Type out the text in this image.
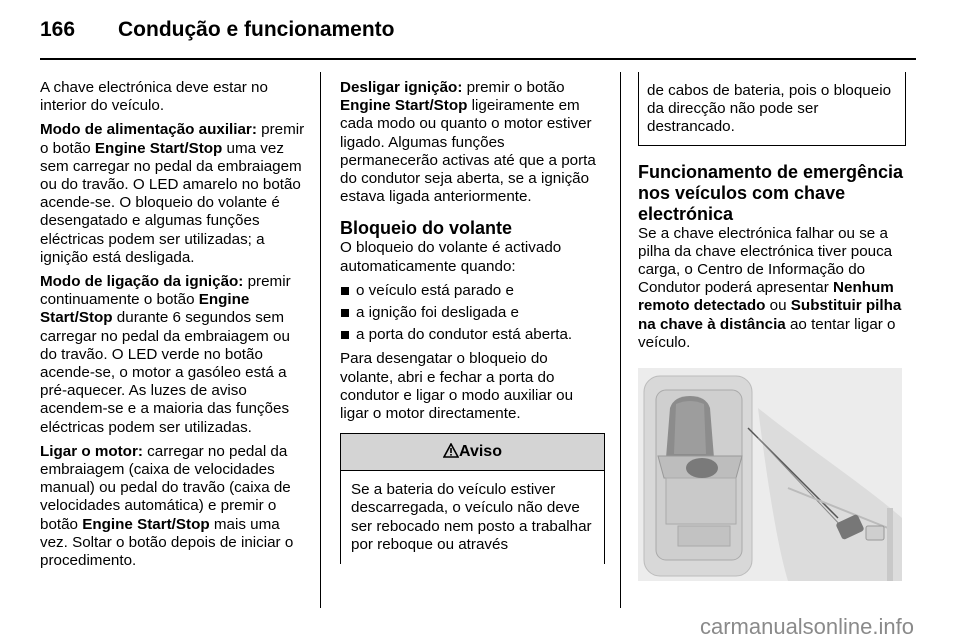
166 Condução e funcionamento

A chave electrónica deve estar no interior do veículo.

Modo de alimentação auxiliar: premir o botão Engine Start/Stop uma vez sem carregar no pedal da embraiagem ou do travão. O LED amarelo no botão acende-se. O bloqueio do volante é desengatado e algumas funções eléctricas podem ser utilizadas; a ignição está desligada.

Modo de ligação da ignição: premir continuamente o botão Engine Start/Stop durante 6 segundos sem carregar no pedal da embraiagem ou do travão. O LED verde no botão acende-se, o motor a gasóleo está a pré-aquecer. As luzes de aviso acendem-se e a maioria das funções eléctricas podem ser utilizadas.

Ligar o motor: carregar no pedal da embraiagem (caixa de velocidades manual) ou pedal do travão (caixa de velocidades automática) e premir o botão Engine Start/Stop mais uma vez. Soltar o botão depois de iniciar o procedimento.

Desligar ignição: premir o botão Engine Start/Stop ligeiramente em cada modo ou quanto o motor estiver ligado. Algumas funções permanecerão activas até que a porta do condutor seja aberta, se a ignição estava ligada anteriormente.

Bloqueio do volante

O bloqueio do volante é activado automaticamente quando:

o veículo está parado e
a ignição foi desligada e
a porta do condutor está aberta.

Para desengatar o bloqueio do volante, abri e fechar a porta do condutor e ligar o modo auxiliar ou ligar o motor directamente.

Aviso
Se a bateria do veículo estiver descarregada, o veículo não deve ser rebocado nem posto a trabalhar por reboque ou através
de cabos de bateria, pois o bloqueio da direcção não pode ser destrancado.
Funcionamento de emergência nos veículos com chave electrónica

Se a chave electrónica falhar ou se a pilha da chave electrónica tiver pouca carga, o Centro de Informação do Condutor poderá apresentar Nenhum remoto detectado ou Substituir pilha na chave à distância ao tentar ligar o veículo.

carmanualsonline.info
